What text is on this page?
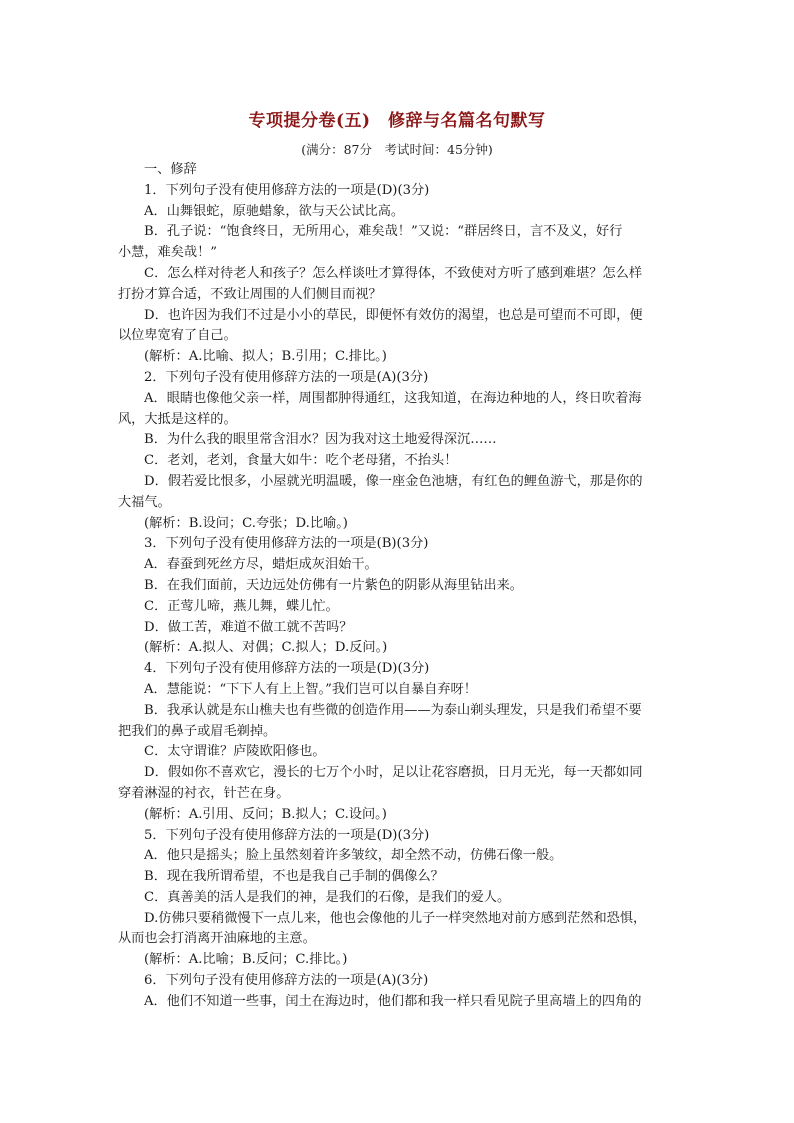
专项提分卷(五)　修辞与名篇名句默写
(满分：87分　考试时间：45分钟)
一、修辞
1．下列句子没有使用修辞方法的一项是(D)(3分)
A．山舞银蛇，原驰蜡象，欲与天公试比高。
B．孔子说：“饱食终日，无所用心，难矣哉！”又说：“群居终日，言不及义，好行
小慧，难矣哉！”
C．怎么样对待老人和孩子？怎么样谈吐才算得体，不致使对方听了感到难堪？怎么样
打扮才算合适，不致让周围的人们侧目而视？
D．也许因为我们不过是小小的草民，即便怀有效仿的渴望，也总是可望而不可即，便
以位卑宽宥了自己。
(解析：A.比喻、拟人；B.引用；C.排比。)
2．下列句子没有使用修辞方法的一项是(A)(3分)
A．眼睛也像他父亲一样，周围都肿得通红，这我知道，在海边种地的人，终日吹着海
风，大抵是这样的。
B．为什么我的眼里常含泪水？因为我对这土地爱得深沉……
C．老刘，老刘，食量大如牛：吃个老母猪，不抬头！
D．假若爱比恨多，小屋就光明温暖，像一座金色池塘，有红色的鲤鱼游弋，那是你的
大福气。
(解析：B.设问；C.夸张；D.比喻。)
3．下列句子没有使用修辞方法的一项是(B)(3分)
A．春蚕到死丝方尽，蜡炬成灰泪始干。
B．在我们面前，天边远处仿佛有一片紫色的阴影从海里钻出来。
C．正莺儿啼，燕儿舞，蝶儿忙。
D．做工苦，难道不做工就不苦吗？
(解析：A.拟人、对偶；C.拟人；D.反问。)
4．下列句子没有使用修辞方法的一项是(D)(3分)
A．慧能说：“下下人有上上智。”我们岂可以自暴自弃呀！
B．我承认就是东山樵夫也有些微的创造作用——为泰山剃头理发，只是我们希望不要
把我们的鼻子或眉毛剃掉。
C．太守谓谁？庐陵欧阳修也。
D．假如你不喜欢它，漫长的七万个小时，足以让花容磨损，日月无光，每一天都如同
穿着淋湿的衬衣，针芒在身。
(解析：A.引用、反问；B.拟人；C.设问。)
5．下列句子没有使用修辞方法的一项是(D)(3分)
A．他只是摇头；脸上虽然刻着许多皱纹，却全然不动，仿佛石像一般。
B．现在我所谓希望，不也是我自己手制的偶像么？
C．真善美的活人是我们的神，是我们的石像，是我们的爱人。
D.仿佛只要稍微慢下一点儿来，他也会像他的儿子一样突然地对前方感到茫然和恐惧，
从而也会打消离开油麻地的主意。
(解析：A.比喻；B.反问；C.排比。)
6．下列句子没有使用修辞方法的一项是(A)(3分)
A．他们不知道一些事，闰土在海边时，他们都和我一样只看见院子里高墙上的四角的
